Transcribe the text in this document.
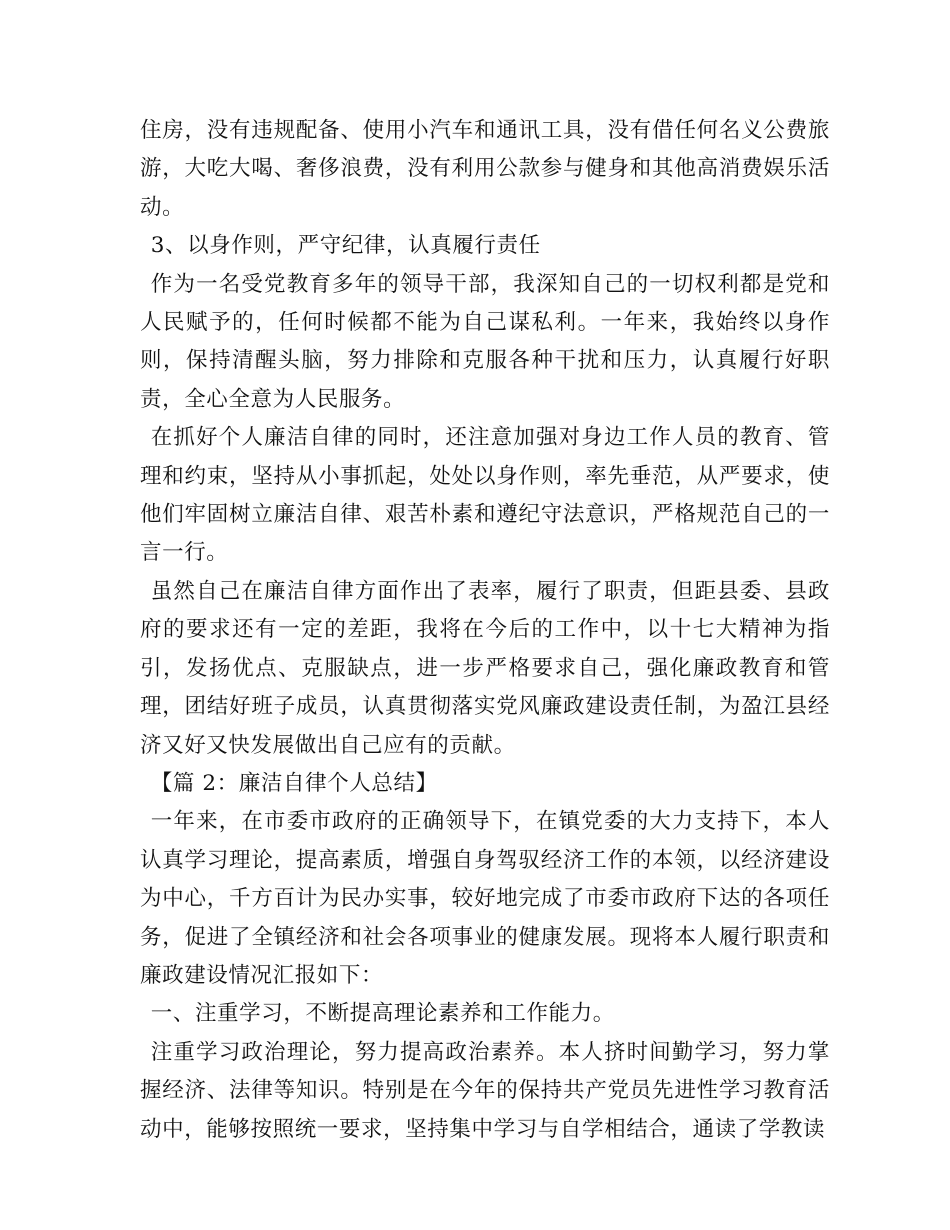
住房，没有违规配备、使用小汽车和通讯工具，没有借任何名义公费旅游，大吃大喝、奢侈浪费，没有利用公款参与健身和其他高消费娱乐活动。

3、以身作则，严守纪律，认真履行责任

作为一名受党教育多年的领导干部，我深知自己的一切权利都是党和人民赋予的，任何时候都不能为自己谋私利。一年来，我始终以身作则，保持清醒头脑，努力排除和克服各种干扰和压力，认真履行好职责，全心全意为人民服务。

在抓好个人廉洁自律的同时，还注意加强对身边工作人员的教育、管理和约束，坚持从小事抓起，处处以身作则，率先垂范，从严要求，使他们牢固树立廉洁自律、艰苦朴素和遵纪守法意识，严格规范自己的一言一行。

虽然自己在廉洁自律方面作出了表率，履行了职责，但距县委、县政府的要求还有一定的差距，我将在今后的工作中，以十七大精神为指引，发扬优点、克服缺点，进一步严格要求自己，强化廉政教育和管理，团结好班子成员，认真贯彻落实党风廉政建设责任制，为盈江县经济又好又快发展做出自己应有的贡献。

【篇 2：廉洁自律个人总结】

一年来，在市委市政府的正确领导下，在镇党委的大力支持下，本人认真学习理论，提高素质，增强自身驾驭经济工作的本领，以经济建设为中心，千方百计为民办实事，较好地完成了市委市政府下达的各项任务，促进了全镇经济和社会各项事业的健康发展。现将本人履行职责和廉政建设情况汇报如下：

一、注重学习，不断提高理论素养和工作能力。

注重学习政治理论，努力提高政治素养。本人挤时间勤学习，努力掌握经济、法律等知识。特别是在今年的保持共产党员先进性学习教育活动中，能够按照统一要求，坚持集中学习与自学相结合，通读了学教读
